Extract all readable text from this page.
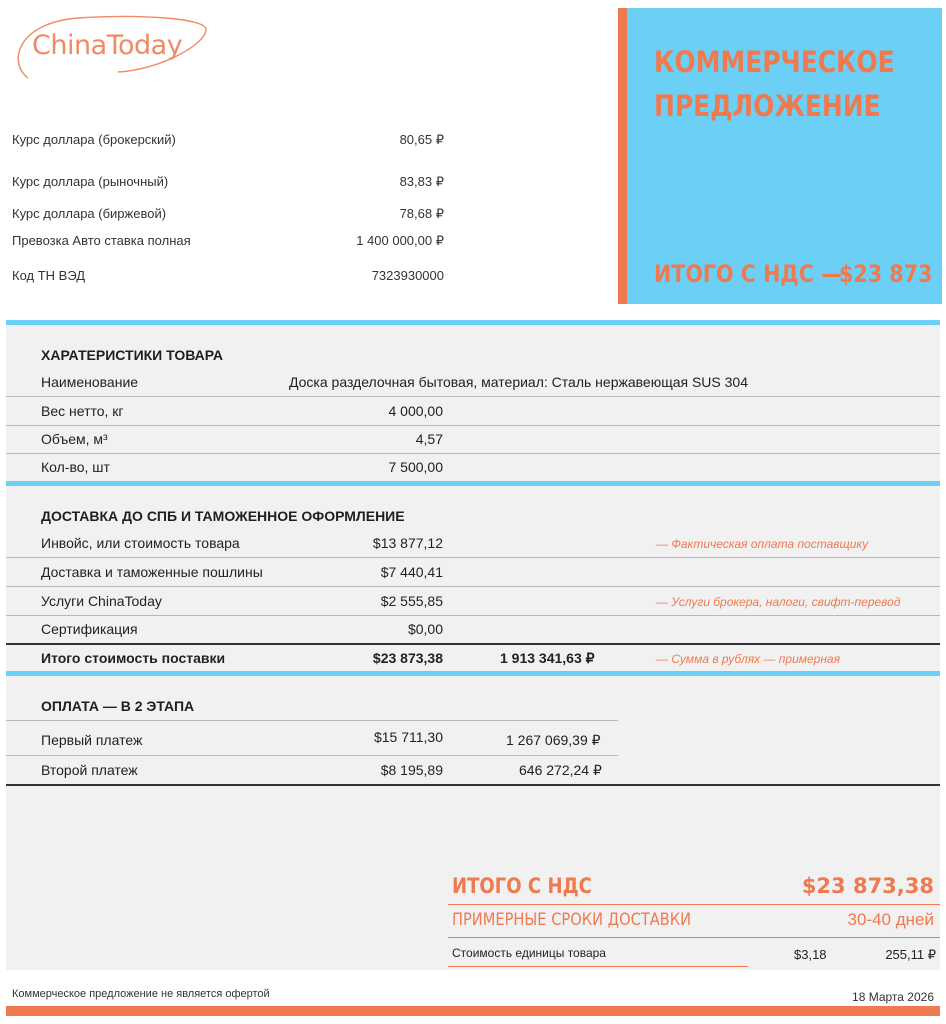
ChinaToday
Курс доллара (брокерский)	80,65 ₽
Курс доллара (рыночный)	83,83 ₽
Курс доллара (биржевой)	78,68 ₽
Превозка Авто ставка полная	1 400 000,00 ₽
Код ТН ВЭД	7323930000
КОММЕРЧЕСКОЕ
ПРЕДЛОЖЕНИЕ
ИТОГО С НДС —
$23 873
ХАРАТЕРИСТИКИ ТОВАРА
Наименование	Доска разделочная бытовая, материал: Сталь нержавеющая SUS 304
Вес нетто, кг	4 000,00
Объем, м³	4,57
Кол-во, шт	7 500,00
ДОСТАВКА ДО СПБ И ТАМОЖЕННОЕ ОФОРМЛЕНИЕ
Инвойс, или стоимость товара	$13 877,12	— Фактическая оплата поставщику
Доставка и таможенные пошлины	$7 440,41
Услуги ChinaToday	$2 555,85	— Услуги брокера, налоги, свифт-перевод
Сертификация	$0,00
Итого стоимость поставки	$23 873,38	1 913 341,63 ₽	— Сумма в рублях — примерная
ОПЛАТА — В 2 ЭТАПА
Первый платеж	$15 711,30	1 267 069,39 ₽
Второй платеж	$8 195,89	646 272,24 ₽
ИТОГО С НДС	$23 873,38
ПРИМЕРНЫЕ СРОКИ ДОСТАВКИ	30-40 дней
Стоимость единицы товара	$3,18	255,11 ₽
Коммерческое предложение не является офертой	18 Марта 2026
